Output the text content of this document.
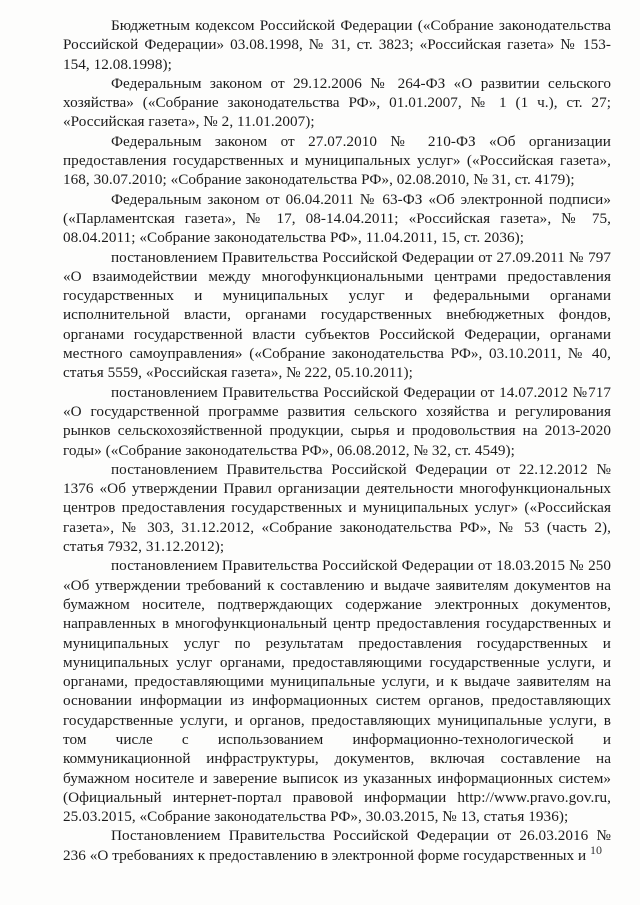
Бюджетным кодексом Российской Федерации («Собрание законодательства Российской Федерации» 03.08.1998, № 31, ст. 3823; «Российская газета» № 153-154, 12.08.1998);

Федеральным законом от 29.12.2006 № 264-ФЗ «О развитии сельского хозяйства» («Собрание законодательства РФ», 01.01.2007, № 1 (1 ч.), ст. 27; «Российская газета», № 2, 11.01.2007);

Федеральным законом от 27.07.2010 № 210-ФЗ «Об организации предоставления государственных и муниципальных услуг» («Российская газета», 168, 30.07.2010; «Собрание законодательства РФ», 02.08.2010, № 31, ст. 4179);

Федеральным законом от 06.04.2011 № 63-ФЗ «Об электронной подписи» («Парламентская газета», № 17, 08-14.04.2011; «Российская газета», № 75, 08.04.2011; «Собрание законодательства РФ», 11.04.2011, 15, ст. 2036);

постановлением Правительства Российской Федерации от 27.09.2011 № 797 «О взаимодействии между многофункциональными центрами предоставления государственных и муниципальных услуг и федеральными органами исполнительной власти, органами государственных внебюджетных фондов, органами государственной власти субъектов Российской Федерации, органами местного самоуправления» («Собрание законодательства РФ», 03.10.2011, № 40, статья 5559, «Российская газета», № 222, 05.10.2011);

постановлением Правительства Российской Федерации от 14.07.2012 №717 «О государственной программе развития сельского хозяйства и регулирования рынков сельскохозяйственной продукции, сырья и продовольствия на 2013-2020 годы» («Собрание законодательства РФ», 06.08.2012, № 32, ст. 4549);

постановлением Правительства Российской Федерации от 22.12.2012 № 1376 «Об утверждении Правил организации деятельности многофункциональных центров предоставления государственных и муниципальных услуг» («Российская газета», № 303, 31.12.2012, «Собрание законодательства РФ», № 53 (часть 2), статья 7932, 31.12.2012);

постановлением Правительства Российской Федерации от 18.03.2015 № 250 «Об утверждении требований к составлению и выдаче заявителям документов на бумажном носителе, подтверждающих содержание электронных документов, направленных в многофункциональный центр предоставления государственных и муниципальных услуг по результатам предоставления государственных и муниципальных услуг органами, предоставляющими государственные услуги, и органами, предоставляющими муниципальные услуги, и к выдаче заявителям на основании информации из информационных систем органов, предоставляющих государственные услуги, и органов, предоставляющих муниципальные услуги, в том числе с использованием информационно-технологической и коммуникационной инфраструктуры, документов, включая составление на бумажном носителе и заверение выписок из указанных информационных систем» (Официальный интернет-портал правовой информации http://www.pravo.gov.ru, 25.03.2015, «Собрание законодательства РФ», 30.03.2015, № 13, статья 1936);

Постановлением Правительства Российской Федерации от 26.03.2016 № 236 «О требованиях к предоставлению в электронной форме государственных и 10
